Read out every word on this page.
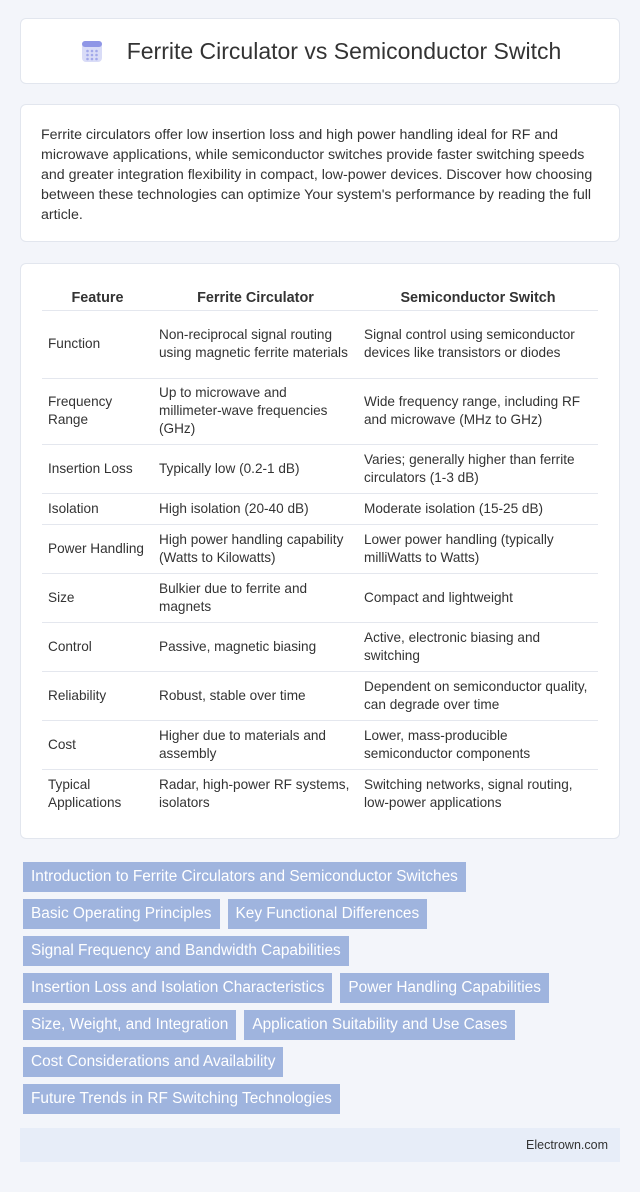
Ferrite Circulator vs Semiconductor Switch

Ferrite circulators offer low insertion loss and high power handling ideal for RF and microwave applications, while semiconductor switches provide faster switching speeds and greater integration flexibility in compact, low-power devices. Discover how choosing between these technologies can optimize Your system's performance by reading the full article.

Feature	Ferrite Circulator	Semiconductor Switch
Function	Non-reciprocal signal routing using magnetic ferrite materials	Signal control using semiconductor devices like transistors or diodes
Frequency Range	Up to microwave and millimeter-wave frequencies (GHz)	Wide frequency range, including RF and microwave (MHz to GHz)
Insertion Loss	Typically low (0.2-1 dB)	Varies; generally higher than ferrite circulators (1-3 dB)
Isolation	High isolation (20-40 dB)	Moderate isolation (15-25 dB)
Power Handling	High power handling capability (Watts to Kilowatts)	Lower power handling (typically milliWatts to Watts)
Size	Bulkier due to ferrite and magnets	Compact and lightweight
Control	Passive, magnetic biasing	Active, electronic biasing and switching
Reliability	Robust, stable over time	Dependent on semiconductor quality, can degrade over time
Cost	Higher due to materials and assembly	Lower, mass-producible semiconductor components
Typical Applications	Radar, high-power RF systems, isolators	Switching networks, signal routing, low-power applications
Introduction to Ferrite Circulators and Semiconductor Switches
Basic Operating Principles	Key Functional Differences
Signal Frequency and Bandwidth Capabilities
Insertion Loss and Isolation Characteristics	Power Handling Capabilities
Size, Weight, and Integration	Application Suitability and Use Cases
Cost Considerations and Availability
Future Trends in RF Switching Technologies
Electrown.com
